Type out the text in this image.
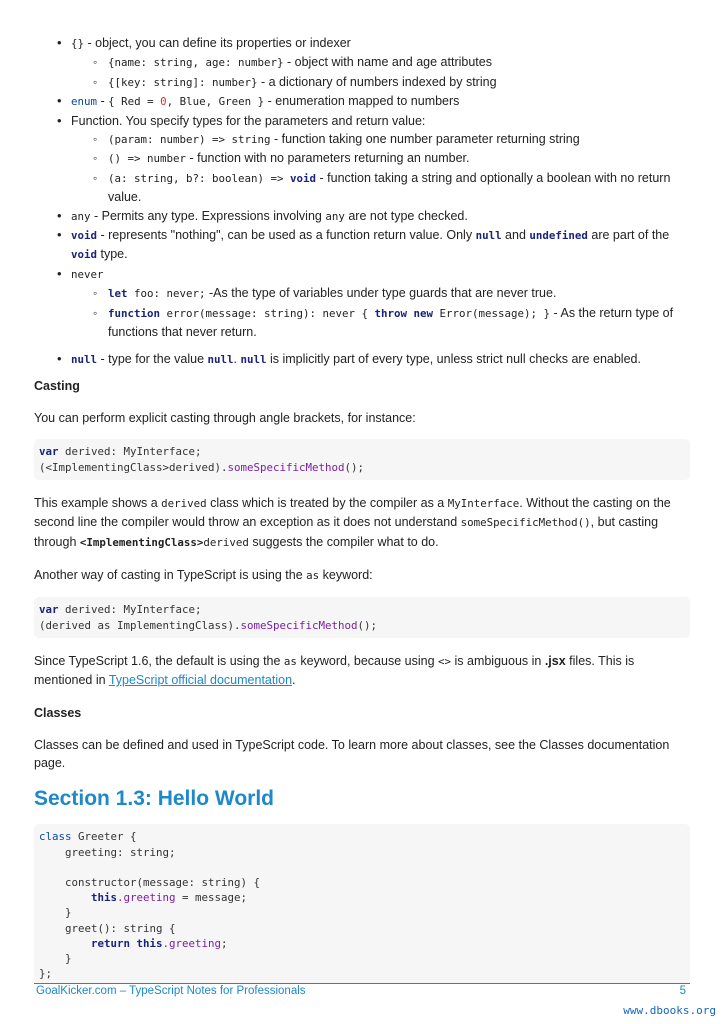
• {} - object, you can define its properties or indexer
◦ {name: string, age: number} - object with name and age attributes
◦ {[key: string]: number} - a dictionary of numbers indexed by string
• enum - { Red = 0, Blue, Green } - enumeration mapped to numbers
• Function. You specify types for the parameters and return value:
◦ (param: number) => string - function taking one number parameter returning string
◦ () => number - function with no parameters returning an number.
◦ (a: string, b?: boolean) => void - function taking a string and optionally a boolean with no return value.
• any - Permits any type. Expressions involving any are not type checked.
• void - represents "nothing", can be used as a function return value. Only null and undefined are part of the void type.
• never
◦ let foo: never; -As the type of variables under type guards that are never true.
◦ function error(message: string): never { throw new Error(message); } - As the return type of functions that never return.
• null - type for the value null. null is implicitly part of every type, unless strict null checks are enabled.
Casting

You can perform explicit casting through angle brackets, for instance:

var derived: MyInterface;
(<ImplementingClass>derived).someSpecificMethod();

This example shows a derived class which is treated by the compiler as a MyInterface. Without the casting on the second line the compiler would throw an exception as it does not understand someSpecificMethod(), but casting through <ImplementingClass>derived suggests the compiler what to do.

Another way of casting in TypeScript is using the as keyword:

var derived: MyInterface;
(derived as ImplementingClass).someSpecificMethod();

Since TypeScript 1.6, the default is using the as keyword, because using <> is ambiguous in .jsx files. This is mentioned in TypeScript official documentation.

Classes

Classes can be defined and used in TypeScript code. To learn more about classes, see the Classes documentation page.

Section 1.3: Hello World
class Greeter {
greeting: string;

constructor(message: string) {
this.greeting = message;
}
greet(): string {
return this.greeting;
}
};
GoalKicker.com – TypeScript Notes for Professionals	5
www.dbooks.org
